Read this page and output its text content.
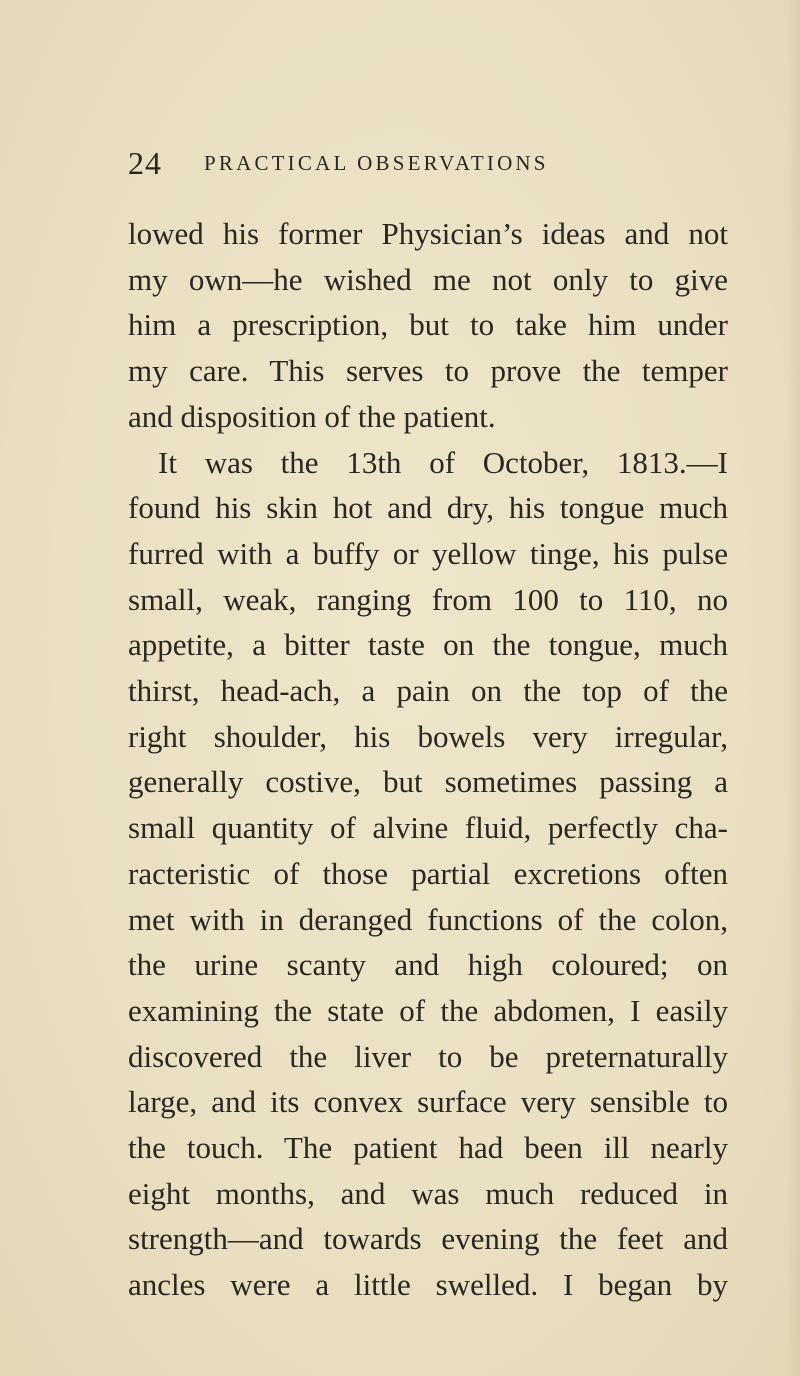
24 PRACTICAL OBSERVATIONS
lowed his former Physician’s ideas and not
my own—he wished me not only to give
him a prescription, but to take him under
my care. This serves to prove the temper
and disposition of the patient.
It was the 13th of October, 1813.—I
found his skin hot and dry, his tongue much
furred with a buffy or yellow tinge, his pulse
small, weak, ranging from 100 to 110, no
appetite, a bitter taste on the tongue, much
thirst, head-ach, a pain on the top of the
right shoulder, his bowels very irregular,
generally costive, but sometimes passing a
small quantity of alvine fluid, perfectly cha-
racteristic of those partial excretions often
met with in deranged functions of the colon,
the urine scanty and high coloured; on
examining the state of the abdomen, I easily
discovered the liver to be preternaturally
large, and its convex surface very sensible to
the touch. The patient had been ill nearly
eight months, and was much reduced in
strength—and towards evening the feet and
ancles were a little swelled. I began by
